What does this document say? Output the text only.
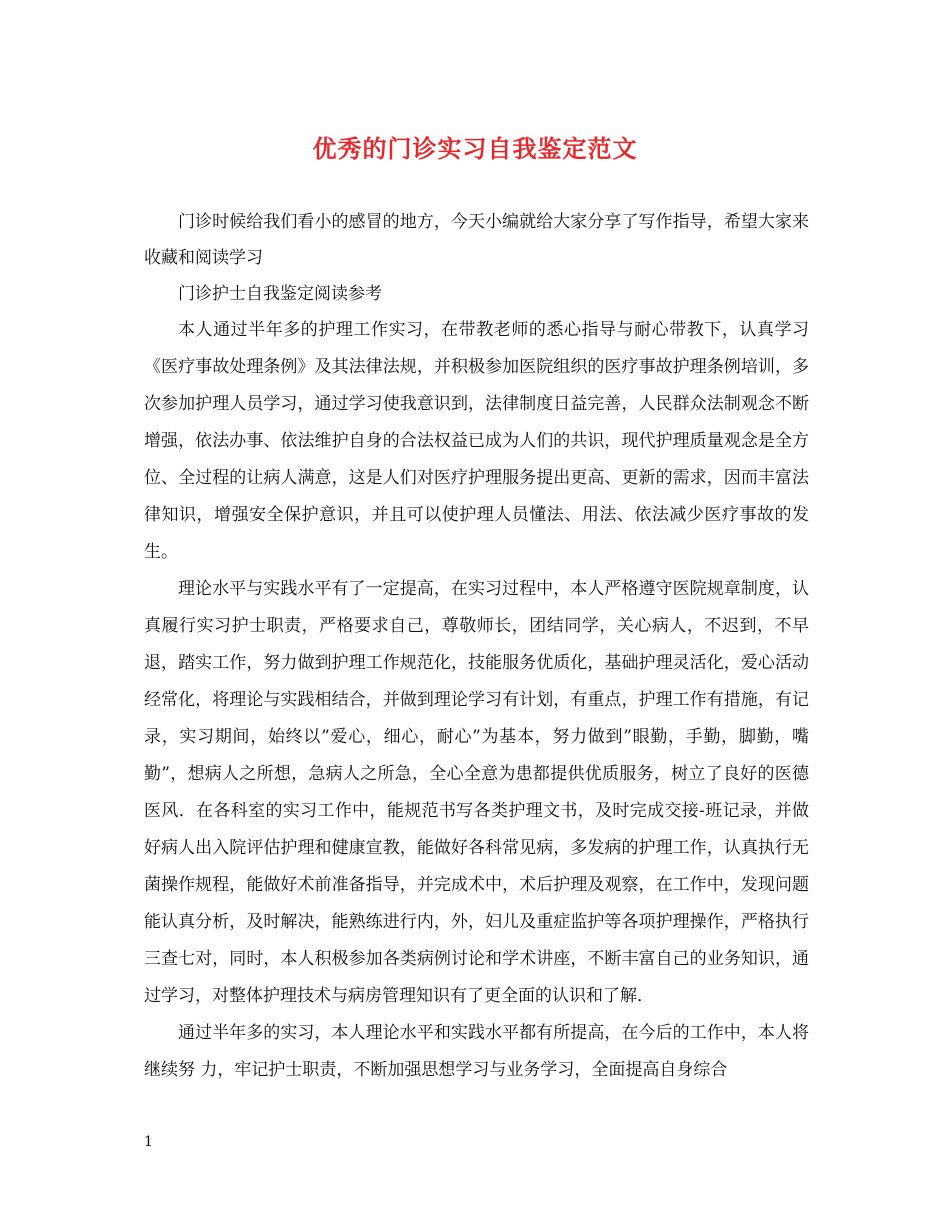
优秀的门诊实习自我鉴定范文

门诊时候给我们看小的感冒的地方，今天小编就给大家分享了写作指导，希望大家来收藏和阅读学习

门诊护士自我鉴定阅读参考

本人通过半年多的护理工作实习，在带教老师的悉心指导与耐心带教下，认真学习《医疗事故处理条例》及其法律法规，并积极参加医院组织的医疗事故护理条例培训，多次参加护理人员学习，通过学习使我意识到，法律制度日益完善，人民群众法制观念不断增强，依法办事、依法维护自身的合法权益已成为人们的共识，现代护理质量观念是全方位、全过程的让病人满意，这是人们对医疗护理服务提出更高、更新的需求，因而丰富法律知识，增强安全保护意识，并且可以使护理人员懂法、用法、依法减少医疗事故的发生。

理论水平与实践水平有了一定提高，在实习过程中，本人严格遵守医院规章制度，认真履行实习护士职责，严格要求自己，尊敬师长，团结同学，关心病人，不迟到，不早退，踏实工作，努力做到护理工作规范化，技能服务优质化，基础护理灵活化，爱心活动经常化，将理论与实践相结合，并做到理论学习有计划，有重点，护理工作有措施，有记录，实习期间，始终以”爱心，细心，耐心”为基本，努力做到”眼勤，手勤，脚勤，嘴勤”，想病人之所想，急病人之所急，全心全意为患都提供优质服务，树立了良好的医德医风．在各科室的实习工作中，能规范书写各类护理文书，及时完成交接-班记录，并做好病人出入院评估护理和健康宣教，能做好各科常见病，多发病的护理工作，认真执行无菌操作规程，能做好术前准备指导，并完成术中，术后护理及观察，在工作中，发现问题能认真分析，及时解决，能熟练进行内，外，妇儿及重症监护等各项护理操作，严格执行三查七对，同时，本人积极参加各类病例讨论和学术讲座，不断丰富自己的业务知识，通过学习，对整体护理技术与病房管理知识有了更全面的认识和了解．

通过半年多的实习，本人理论水平和实践水平都有所提高，在今后的工作中，本人将继续努 力，牢记护士职责，不断加强思想学习与业务学习，全面提高自身综合

1
